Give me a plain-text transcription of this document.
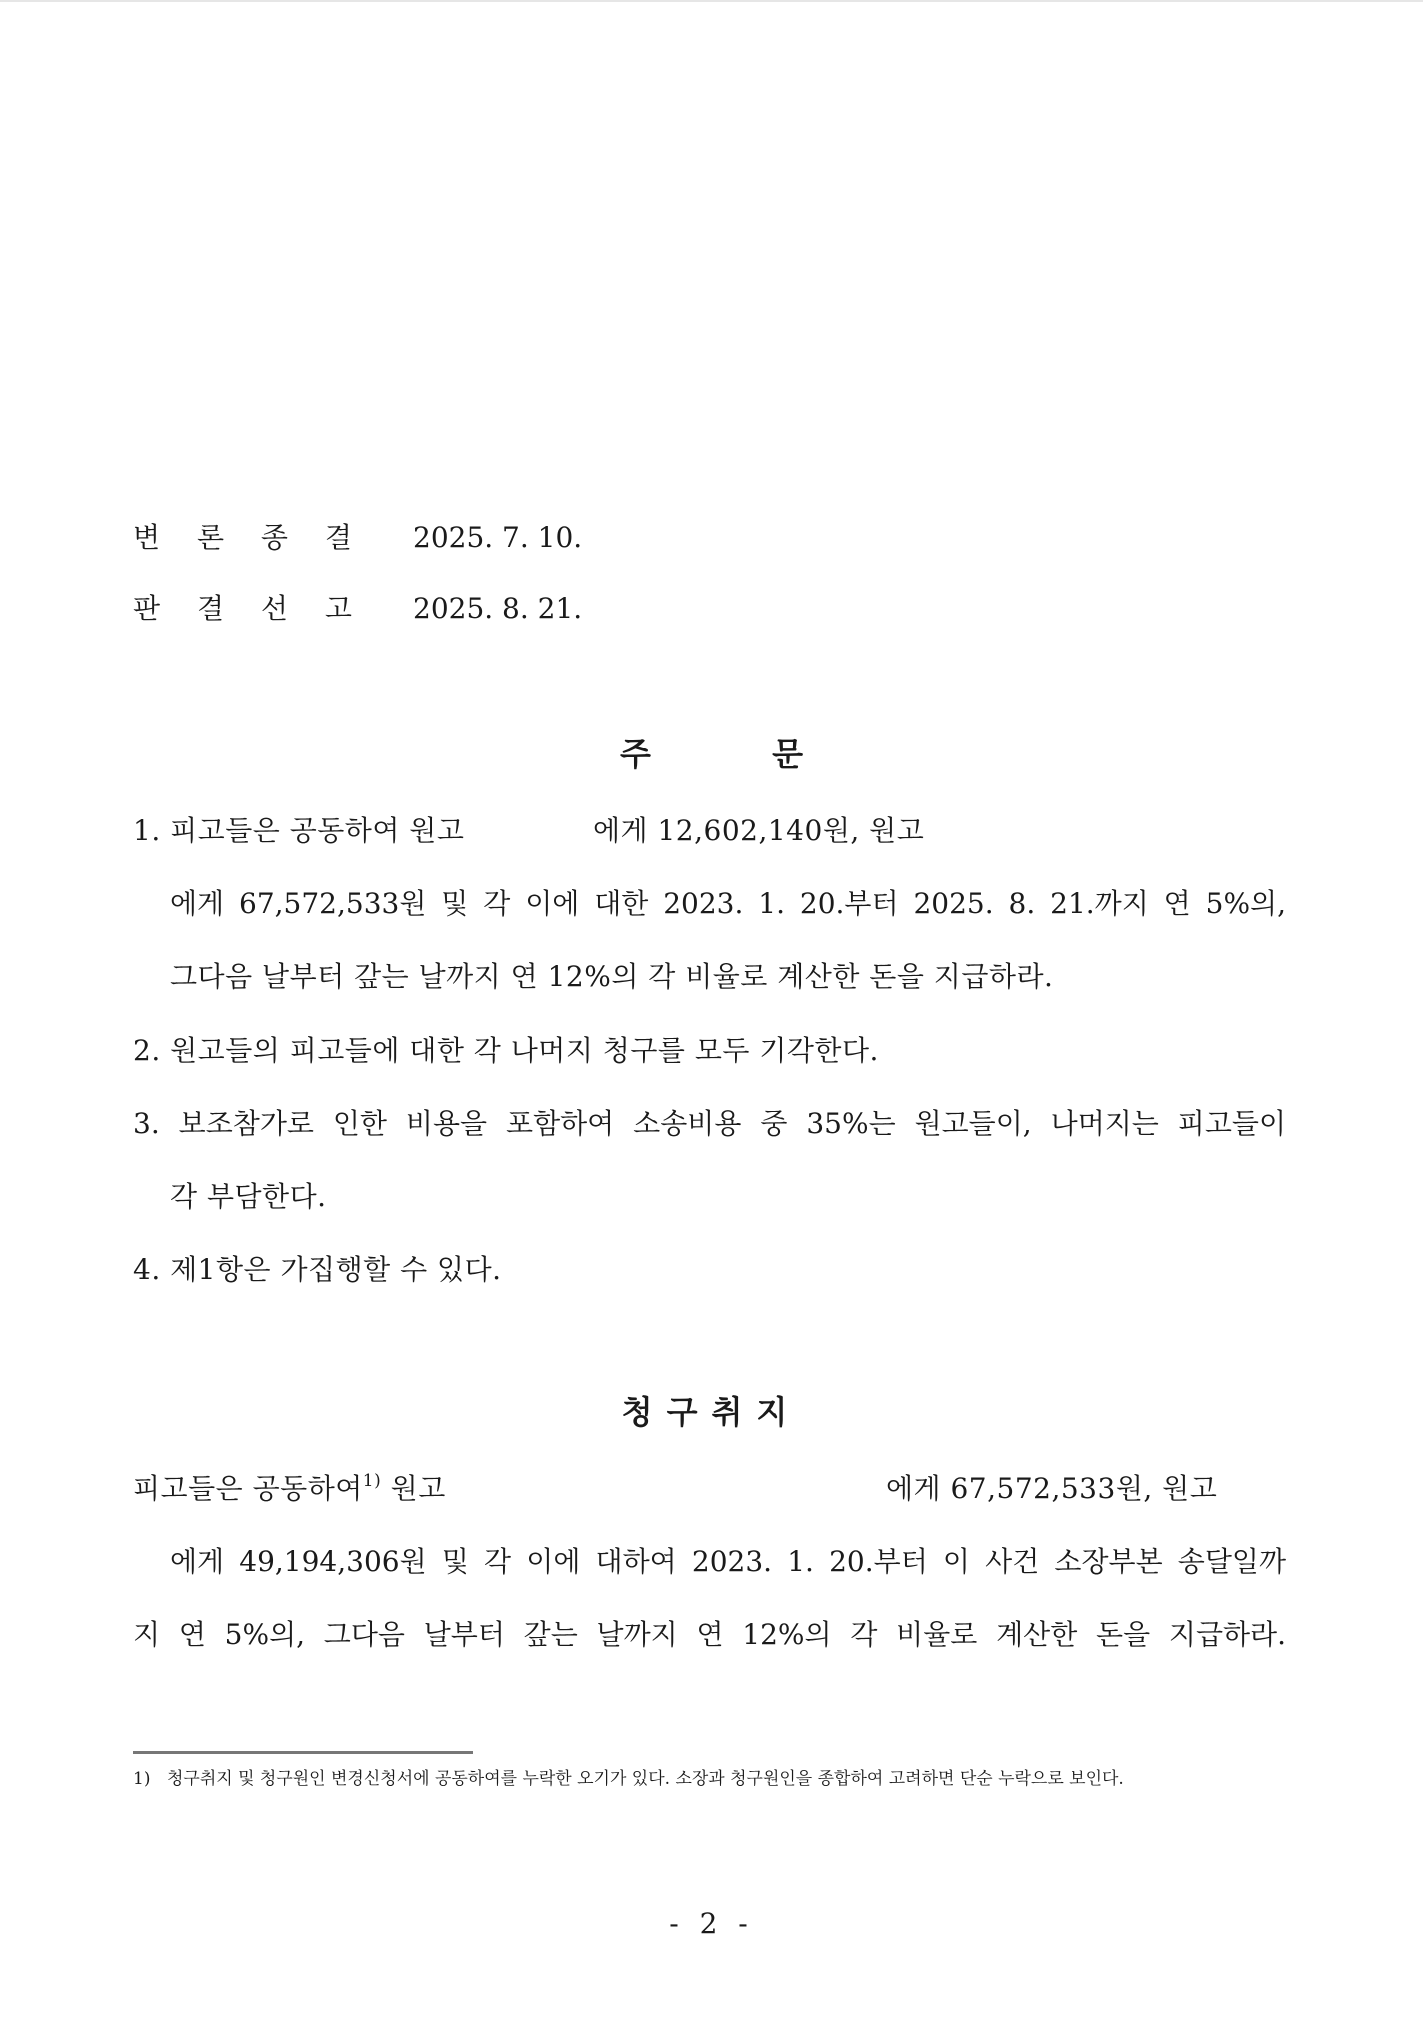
변 론 종 결 2025. 7. 10.
판 결 선 고 2025. 8. 21.
주 문
1. 피고들은 공동하여 원고	에게 12,602,140원, 원고
에게 67,572,533원 및 각 이에 대한 2023. 1. 20.부터 2025. 8. 21.까지 연 5%의,
그다음 날부터 갚는 날까지 연 12%의 각 비율로 계산한 돈을 지급하라.
2. 원고들의 피고들에 대한 각 나머지 청구를 모두 기각한다.
3. 보조참가로 인한 비용을 포함하여 소송비용 중 35%는 원고들이, 나머지는 피고들이
각 부담한다.
4. 제1항은 가집행할 수 있다.
청구취지
피고들은 공동하여$^{1)}$ 원고	에게 67,572,533원, 원고
에게 49,194,306원 및 각 이에 대하여 2023. 1. 20.부터 이 사건 소장부본 송달일까
지 연 5%의, 그다음 날부터 갚는 날까지 연 12%의 각 비율로 계산한 돈을 지급하라.
1) 청구취지 및 청구원인 변경신청서에 공동하여를 누락한 오기가 있다. 소장과 청구원인을 종합하여 고려하면 단순 누락으로 보인다.
- 2 -
